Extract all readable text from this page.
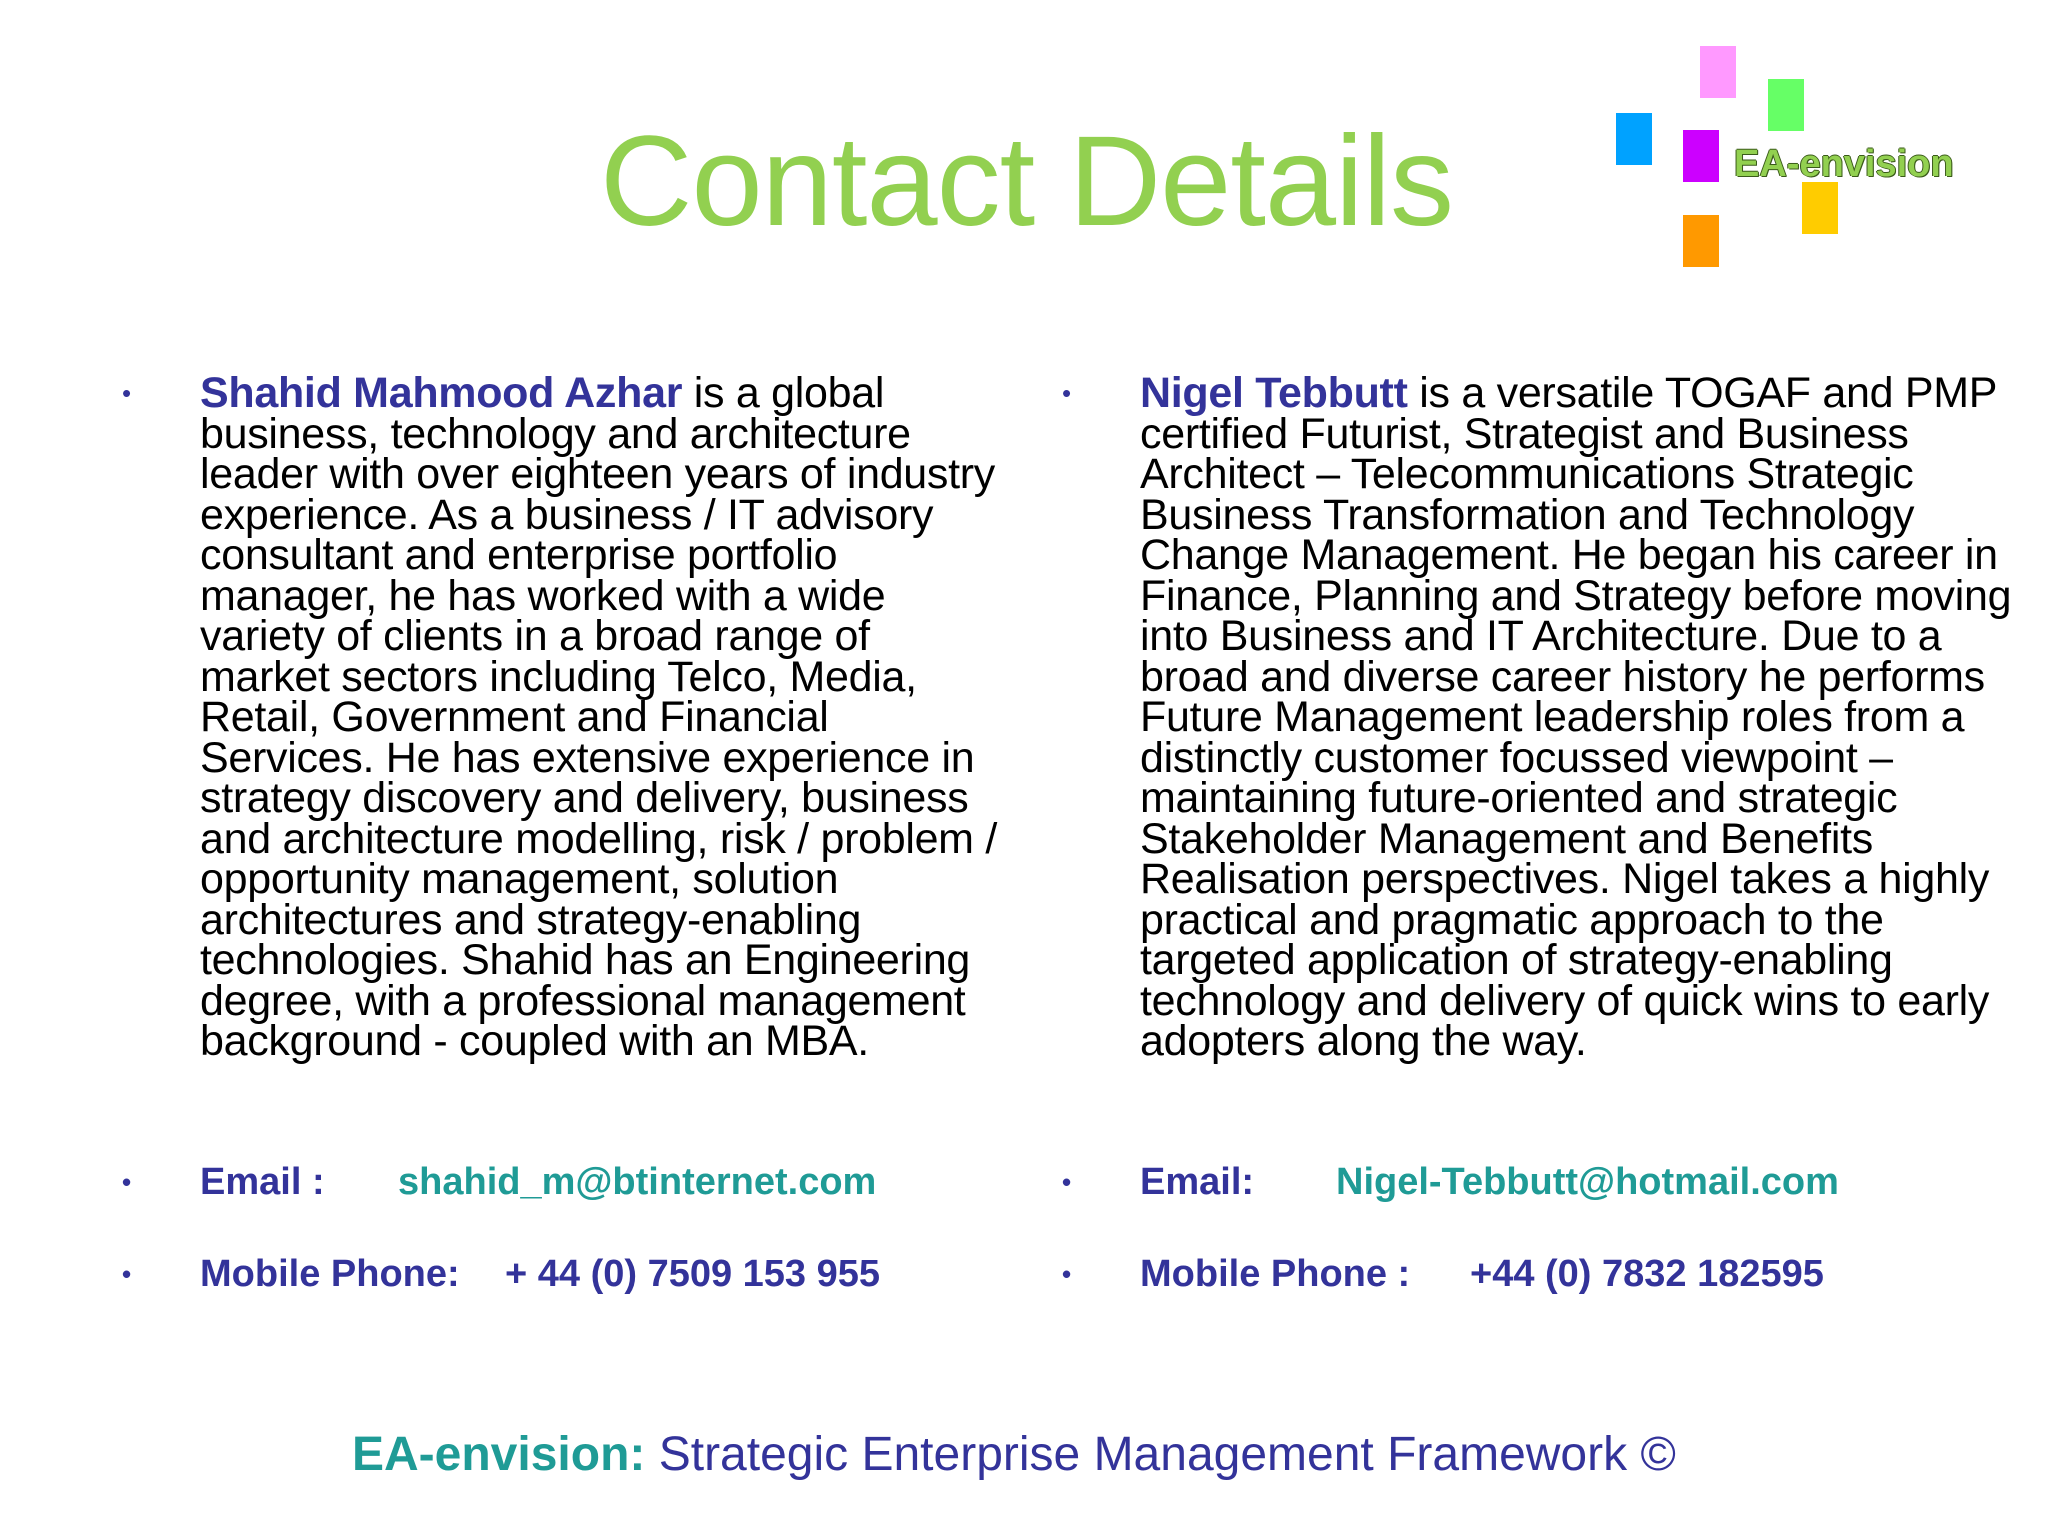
Contact Details	EA-envision
• Shahid Mahmood Azhar is a global business, technology and architecture leader with over eighteen years of industry experience. As a business / IT advisory consultant and enterprise portfolio manager, he has worked with a wide variety of clients in a broad range of market sectors including Telco, Media, Retail, Government and Financial Services. He has extensive experience in strategy discovery and delivery, business and architecture modelling, risk / problem / opportunity management, solution architectures and strategy-enabling technologies. Shahid has an Engineering degree, with a professional management background - coupled with an MBA.
• Email : shahid_m@btinternet.com
• Mobile Phone: + 44 (0) 7509 153 955
• Nigel Tebbutt is a versatile TOGAF and PMP certified Futurist, Strategist and Business Architect – Telecommunications Strategic Business Transformation and Technology Change Management. He began his career in Finance, Planning and Strategy before moving into Business and IT Architecture. Due to a broad and diverse career history he performs Future Management leadership roles from a distinctly customer focussed viewpoint – maintaining future-oriented and strategic Stakeholder Management and Benefits Realisation perspectives. Nigel takes a highly practical and pragmatic approach to the targeted application of strategy-enabling technology and delivery of quick wins to early adopters along the way.
• Email: Nigel-Tebbutt@hotmail.com
• Mobile Phone : +44 (0) 7832 182595
EA-envision: Strategic Enterprise Management Framework ©
